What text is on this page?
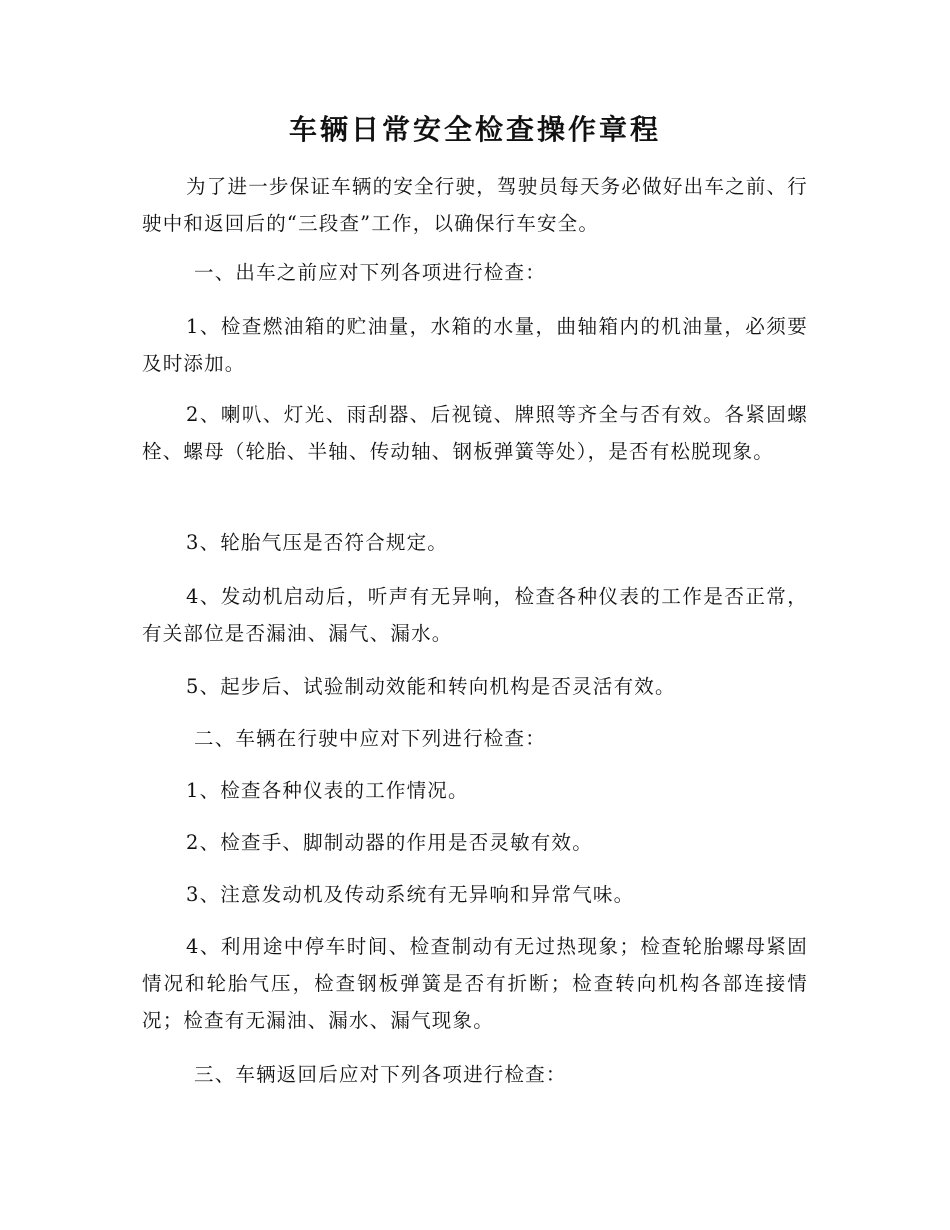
车辆日常安全检查操作章程

为了进一步保证车辆的安全行驶，驾驶员每天务必做好出车之前、行驶中和返回后的“三段查”工作，以确保行车安全。

一、出车之前应对下列各项进行检查：

1、检查燃油箱的贮油量，水箱的水量，曲轴箱内的机油量，必须要及时添加。

2、喇叭、灯光、雨刮器、后视镜、牌照等齐全与否有效。各紧固螺栓、螺母（轮胎、半轴、传动轴、钢板弹簧等处），是否有松脱现象。

3、轮胎气压是否符合规定。

4、发动机启动后，听声有无异响，检查各种仪表的工作是否正常，有关部位是否漏油、漏气、漏水。

5、起步后、试验制动效能和转向机构是否灵活有效。

二、车辆在行驶中应对下列进行检查：

1、检查各种仪表的工作情况。

2、检查手、脚制动器的作用是否灵敏有效。

3、注意发动机及传动系统有无异响和异常气味。

4、利用途中停车时间、检查制动有无过热现象；检查轮胎螺母紧固情况和轮胎气压，检查钢板弹簧是否有折断；检查转向机构各部连接情况；检查有无漏油、漏水、漏气现象。

三、车辆返回后应对下列各项进行检查：
